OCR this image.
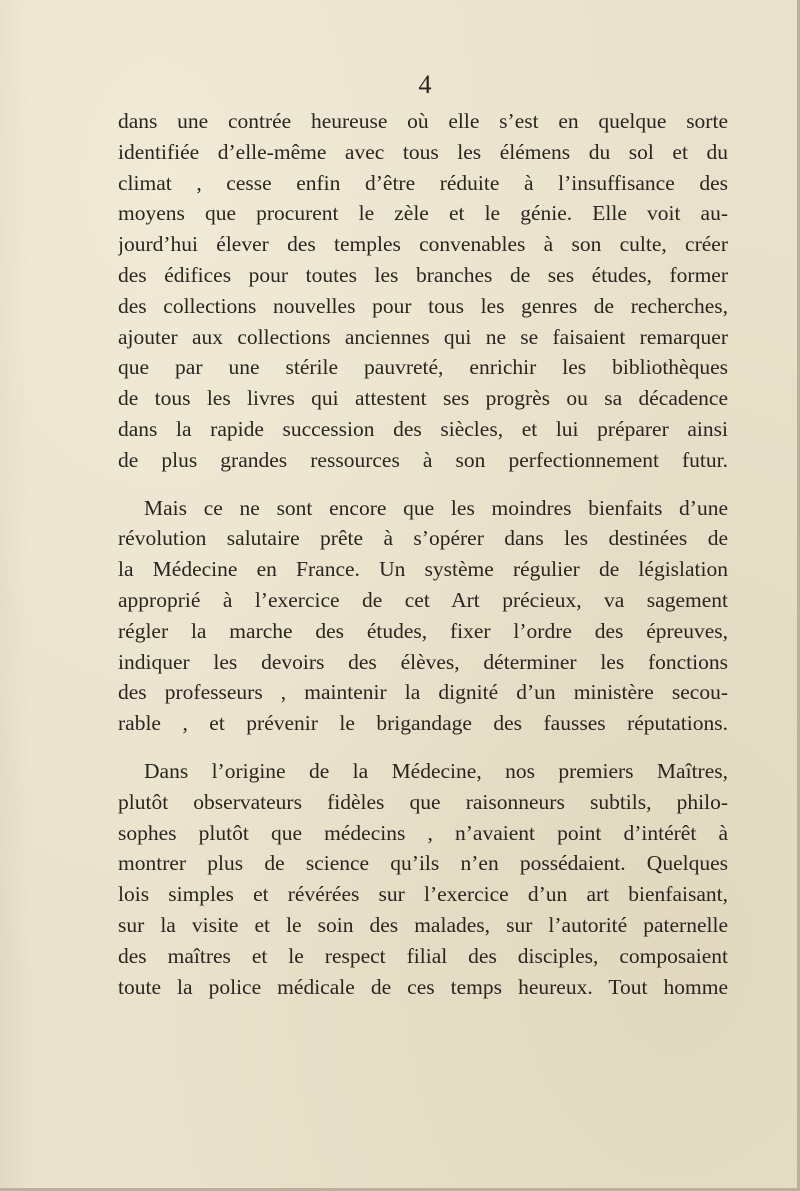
4
dans une contrée heureuse où elle s’est en quelque sorte
identifiée d’elle-même avec tous les élémens du sol et du
climat , cesse enfin d’être réduite à l’insuffisance des
moyens que procurent le zèle et le génie. Elle voit au-
jourd’hui élever des temples convenables à son culte, créer
des édifices pour toutes les branches de ses études, former
des collections nouvelles pour tous les genres de recherches,
ajouter aux collections anciennes qui ne se faisaient remarquer
que par une stérile pauvreté, enrichir les bibliothèques
de tous les livres qui attestent ses progrès ou sa décadence
dans la rapide succession des siècles, et lui préparer ainsi
de plus grandes ressources à son perfectionnement futur.
Mais ce ne sont encore que les moindres bienfaits d’une
révolution salutaire prête à s’opérer dans les destinées de
la Médecine en France. Un système régulier de législation
approprié à l’exercice de cet Art précieux, va sagement
régler la marche des études, fixer l’ordre des épreuves,
indiquer les devoirs des élèves, déterminer les fonctions
des professeurs , maintenir la dignité d’un ministère secou-
rable , et prévenir le brigandage des fausses réputations.
Dans l’origine de la Médecine, nos premiers Maîtres,
plutôt observateurs fidèles que raisonneurs subtils, philo-
sophes plutôt que médecins , n’avaient point d’intérêt à
montrer plus de science qu’ils n’en possédaient. Quelques
lois simples et révérées sur l’exercice d’un art bienfaisant,
sur la visite et le soin des malades, sur l’autorité paternelle
des maîtres et le respect filial des disciples, composaient
toute la police médicale de ces temps heureux. Tout homme
